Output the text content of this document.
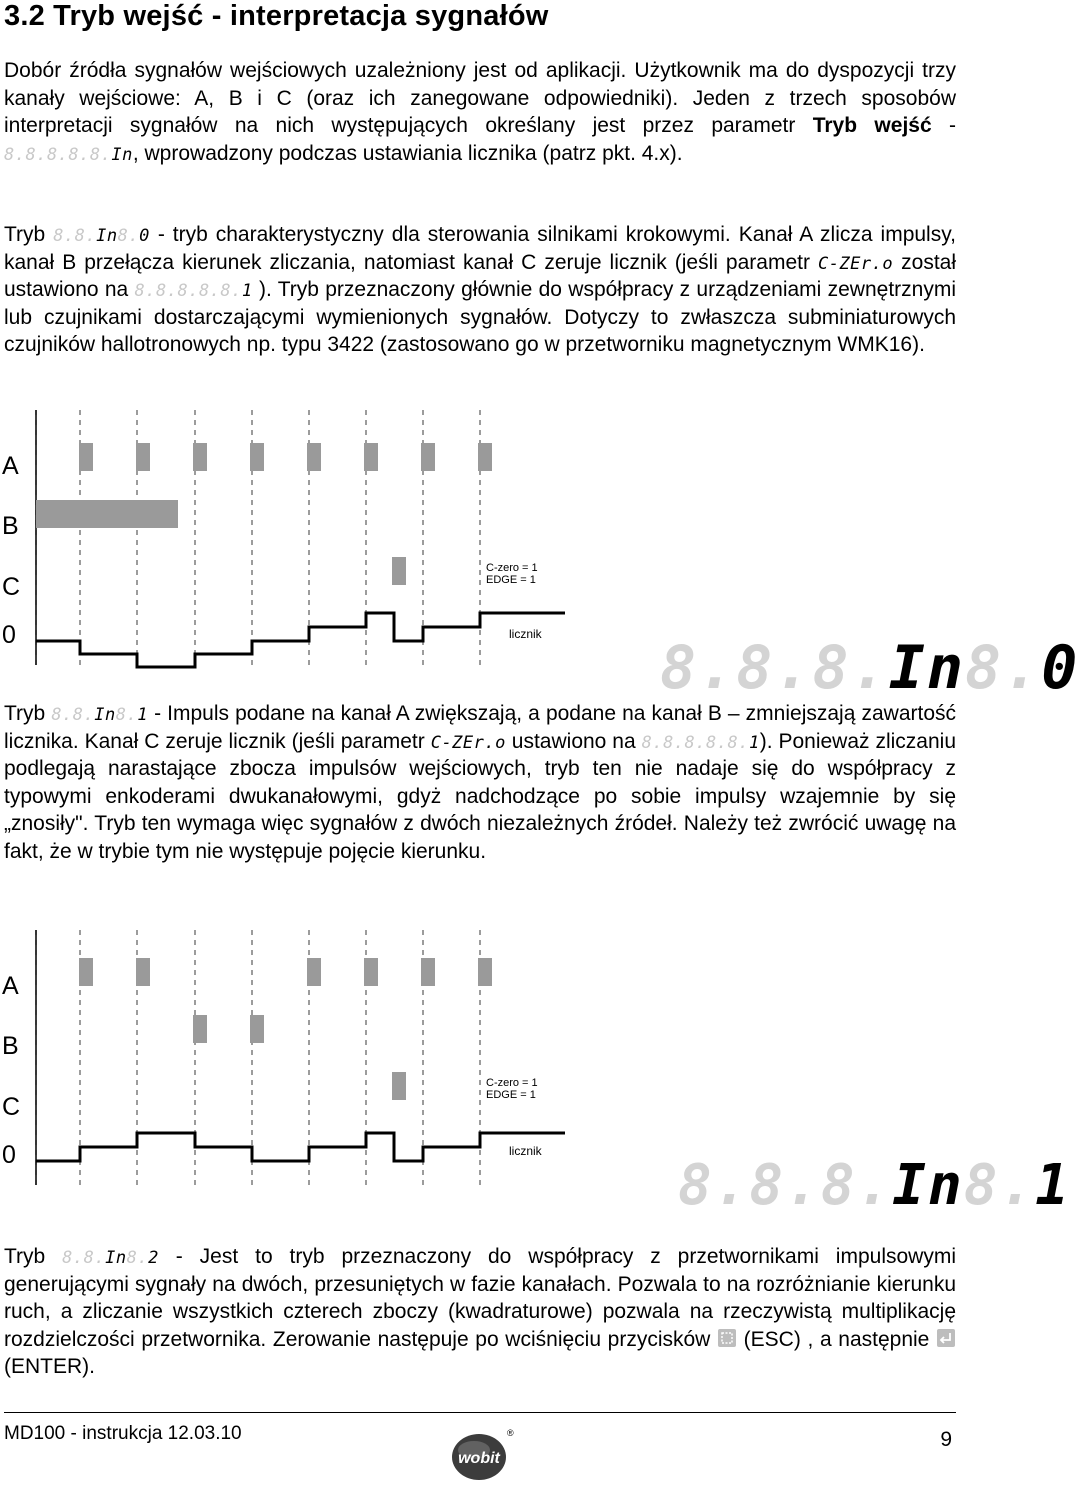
3.2 Tryb wejść - interpretacja sygnałów

Dobór źródła sygnałów wejściowych uzależniony jest od aplikacji. Użytkownik ma do dyspozycji trzy kanały wejściowe: A, B i C (oraz ich zanegowane odpowiedniki). Jeden z trzech sposobów interpretacji sygnałów na nich występujących określany jest przez parametr Tryb wejść - 8.8.8.8.8.In, wprowadzony podczas ustawiania licznika (patrz pkt. 4.x).

Tryb 8.8.In8.0 - tryb charakterystyczny dla sterowania silnikami krokowymi. Kanał A zlicza impulsy, kanał B przełącza kierunek zliczania, natomiast kanał C zeruje licznik (jeśli parametr C-ZEr.o został ustawiono na 8.8.8.8.8.1 ). Tryb przeznaczony głównie do współpracy z urządzeniami zewnętrznymi lub czujnikami dostarczającymi wymienionych sygnałów. Dotyczy to zwłaszcza subminiaturowych czujników hallotronowych np. typu 3422 (zastosowano go w przetworniku magnetycznym WMK16).

A
B
C
0
C-zero = 1
EDGE = 1
licznik 8.8.8.In8.0

Tryb 8.8.In8.1 - Impuls podane na kanał A zwiększają, a podane na kanał B – zmniejszają zawartość licznika. Kanał C zeruje licznik (jeśli parametr C-ZEr.o ustawiono na 8.8.8.8.8.1). Ponieważ zliczaniu podlegają narastające zbocza impulsów wejściowych, tryb ten nie nadaje się do współpracy z typowymi enkoderami dwukanałowymi, gdyż nadchodzące po sobie impulsy wzajemnie by się „znosiły". Tryb ten wymaga więc sygnałów z dwóch niezależnych źródeł. Należy też zwrócić uwagę na fakt, że w trybie tym nie występuje pojęcie kierunku.

A
B
C
0
C-zero = 1
EDGE = 1
licznik
8.8.8.In8.1

Tryb 8.8.In8.2 - Jest to tryb przeznaczony do współpracy z przetwornikami impulsowymi generującymi sygnały na dwóch, przesuniętych w fazie kanałach. Pozwala to na rozróżnianie kierunku ruch, a zliczanie wszystkich czterech zboczy (kwadraturowe) pozwala na rzeczywistą multiplikację rozdzielczości przetwornika. Zerowanie następuje po wciśnięciu przycisków  (ESC) , a następnie  (ENTER).

MD100 - instrukcja 12.03.10
wobit
®	9
